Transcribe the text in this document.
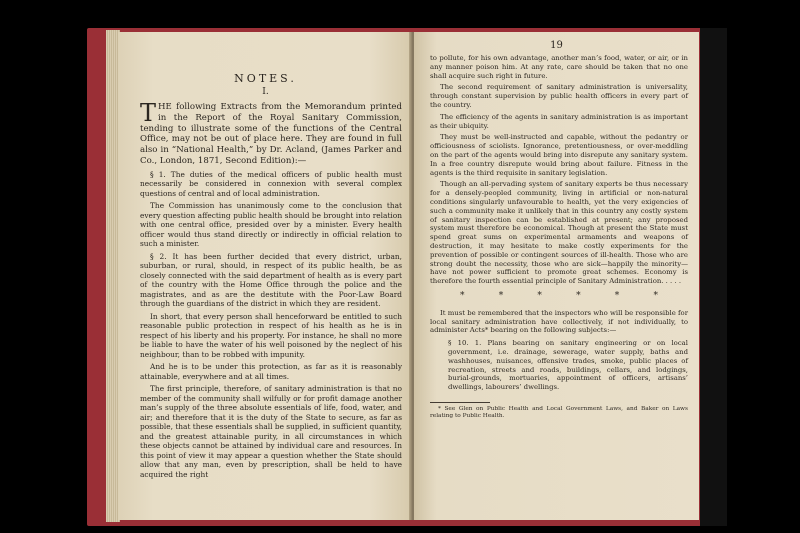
NOTES.
I.

THE following Extracts from the Memorandum printed in the Report of the Royal Sanitary Commission, tending to illustrate some of the functions of the Central Office, may not be out of place here. They are found in full also in “National Health,” by Dr. Acland, (James Parker and Co., London, 1871, Second Edition):—

§ 1. The duties of the medical officers of public health must necessarily be considered in connexion with several complex questions of central and of local administration.

The Commission has unanimously come to the conclusion that every question affecting public health should be brought into relation with one central office, presided over by a minister. Every health officer would thus stand directly or indirectly in official relation to such a minister.

§ 2. It has been further decided that every district, urban, suburban, or rural, should, in respect of its public health, be as closely connected with the said department of health as is every part of the country with the Home Office through the police and the magistrates, and as are the destitute with the Poor-Law Board through the guardians of the district in which they are resident.

In short, that every person shall henceforward be entitled to such reasonable public protection in respect of his health as he is in respect of his liberty and his property. For instance, he shall no more be liable to have the water of his well poisoned by the neglect of his neighbour, than to be robbed with impunity.

And he is to be under this protection, as far as it is reasonably attainable, everywhere and at all times.

The first principle, therefore, of sanitary administration is that no member of the community shall wilfully or for profit damage another man’s supply of the three absolute essentials of life, food, water, and air; and therefore that it is the duty of the State to secure, as far as possible, that these essentials shall be supplied, in sufficient quantity, and the greatest attainable purity, in all circumstances in which these objects cannot be attained by individual care and resources. In this point of view it may appear a question whether the State should allow that any man, even by prescription, shall be held to have acquired the right

19

to pollute, for his own advantage, another man’s food, water, or air, or in any manner poison him. At any rate, care should be taken that no one shall acquire such right in future.

The second requirement of sanitary administration is universality, through constant supervision by public health officers in every part of the country.

The efficiency of the agents in sanitary administration is as important as their ubiquity.

They must be well-instructed and capable, without the pedantry or officiousness of sciolists. Ignorance, pretentiousness, or over-meddling on the part of the agents would bring into disrepute any sanitary system. In a free country disrepute would bring about failure. Fitness in the agents is the third requisite in sanitary legislation.

Though an all-pervading system of sanitary experts be thus necessary for a densely-peopled community, living in artificial or non-natural conditions singularly unfavourable to health, yet the very exigencies of such a community make it unlikely that in this country any costly system of sanitary inspection can be established at present; any proposed system must therefore be economical. Though at present the State must spend great sums on experimental armaments and weapons of destruction, it may hesitate to make costly experiments for the prevention of possible or contingent sources of ill-health. Those who are strong doubt the necessity, those who are sick—happily the minority—have not power sufficient to promote great schemes. Economy is therefore the fourth essential principle of Sanitary Administration. . . . .

*	*	*	*	*	*

It must be remembered that the inspectors who will be responsible for local sanitary administration have collectively, if not individually, to administer Acts* bearing on the following subjects:—

§ 10. 1. Plans bearing on sanitary engineering or on local government, i.e. drainage, sewerage, water supply, baths and washhouses, nuisances, offensive trades, smoke, public places of recreation, streets and roads, buildings, cellars, and lodgings, burial-grounds, mortuaries, appointment of officers, artisans’ dwellings, labourers’ dwellings.

* See Glen on Public Health and Local Government Laws, and Baker on Laws relating to Public Health.
